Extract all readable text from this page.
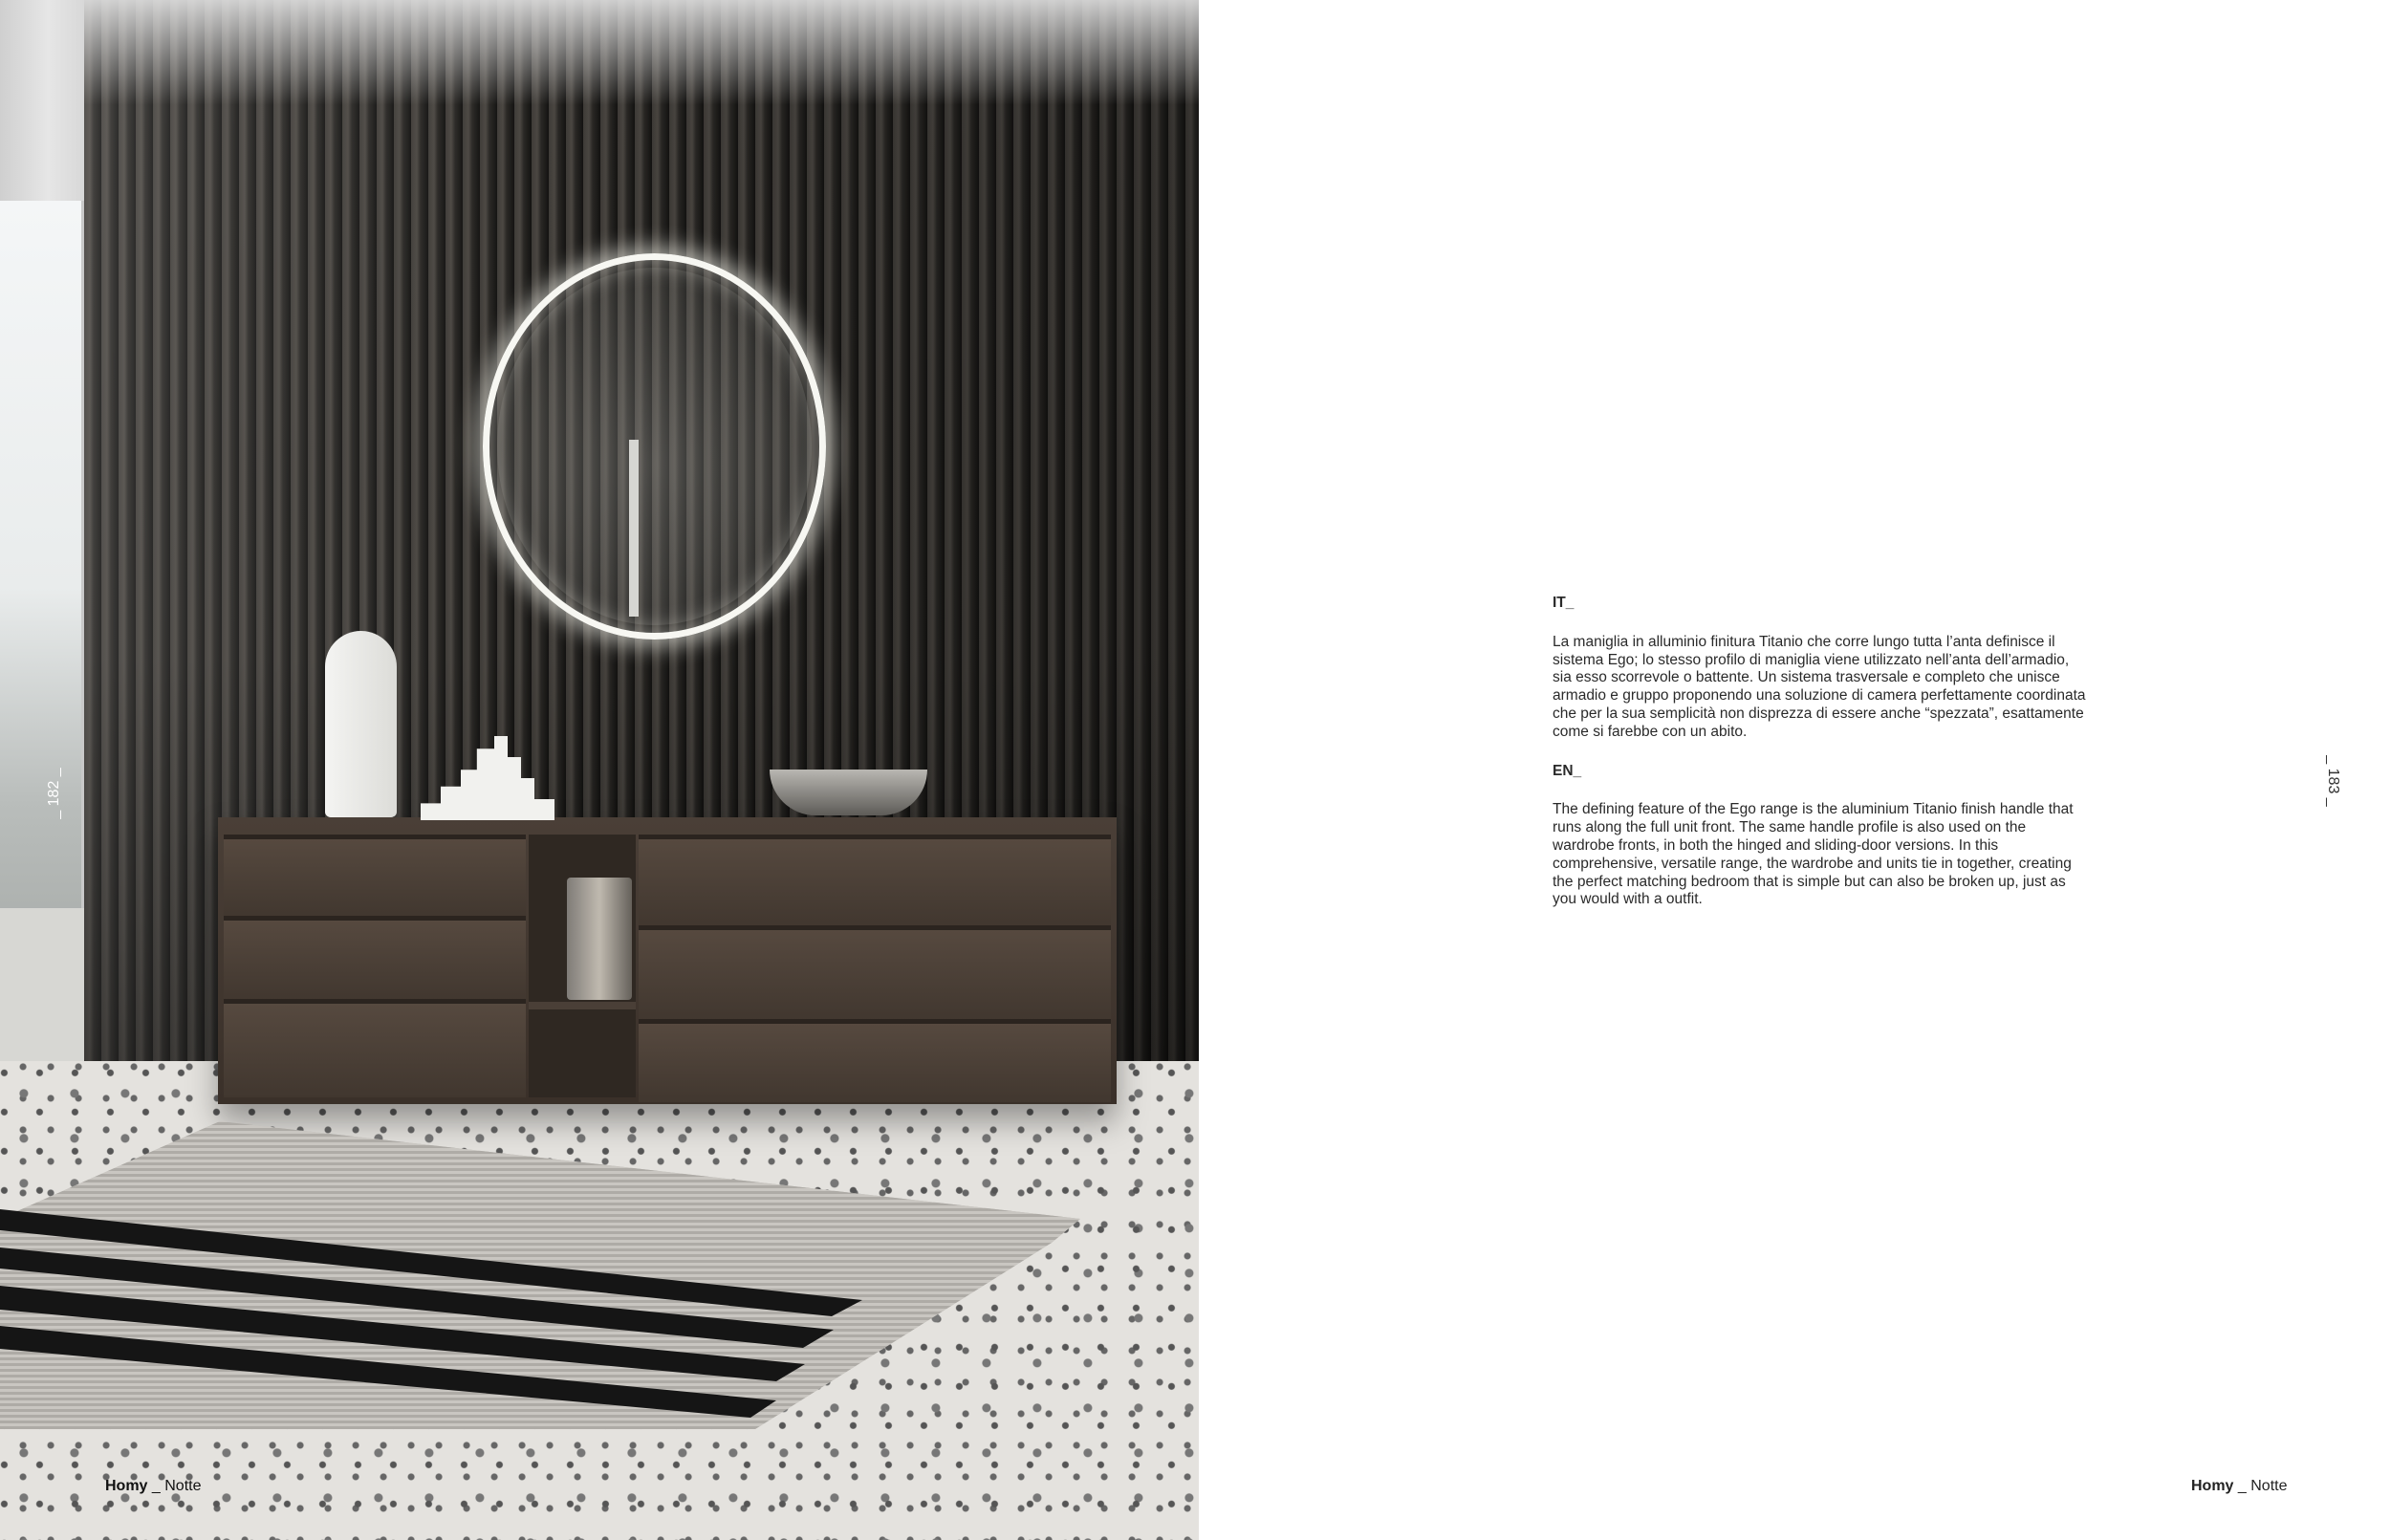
_ 182 _
Homy _ Notte

IT_

La maniglia in alluminio finitura Titanio che corre lungo tutta l’anta definisce il sistema Ego; lo stesso profilo di maniglia viene utilizzato nell’anta dell’armadio, sia esso scorrevole o battente. Un sistema trasversale e completo che unisce armadio e gruppo proponendo una soluzione di camera perfettamente coordinata che per la sua semplicità non disprezza di essere anche “spezzata”, esattamente come si farebbe con un abito.

EN_

The defining feature of the Ego range is the aluminium Titanio finish handle that runs along the full unit front. The same handle profile is also used on the wardrobe fronts, in both the hinged and sliding-door versions. In this comprehensive, versatile range, the wardrobe and units tie in together, creating the perfect matching bedroom that is simple but can also be broken up, just as you would with a outfit.

_ 183 _
Homy _ Notte
